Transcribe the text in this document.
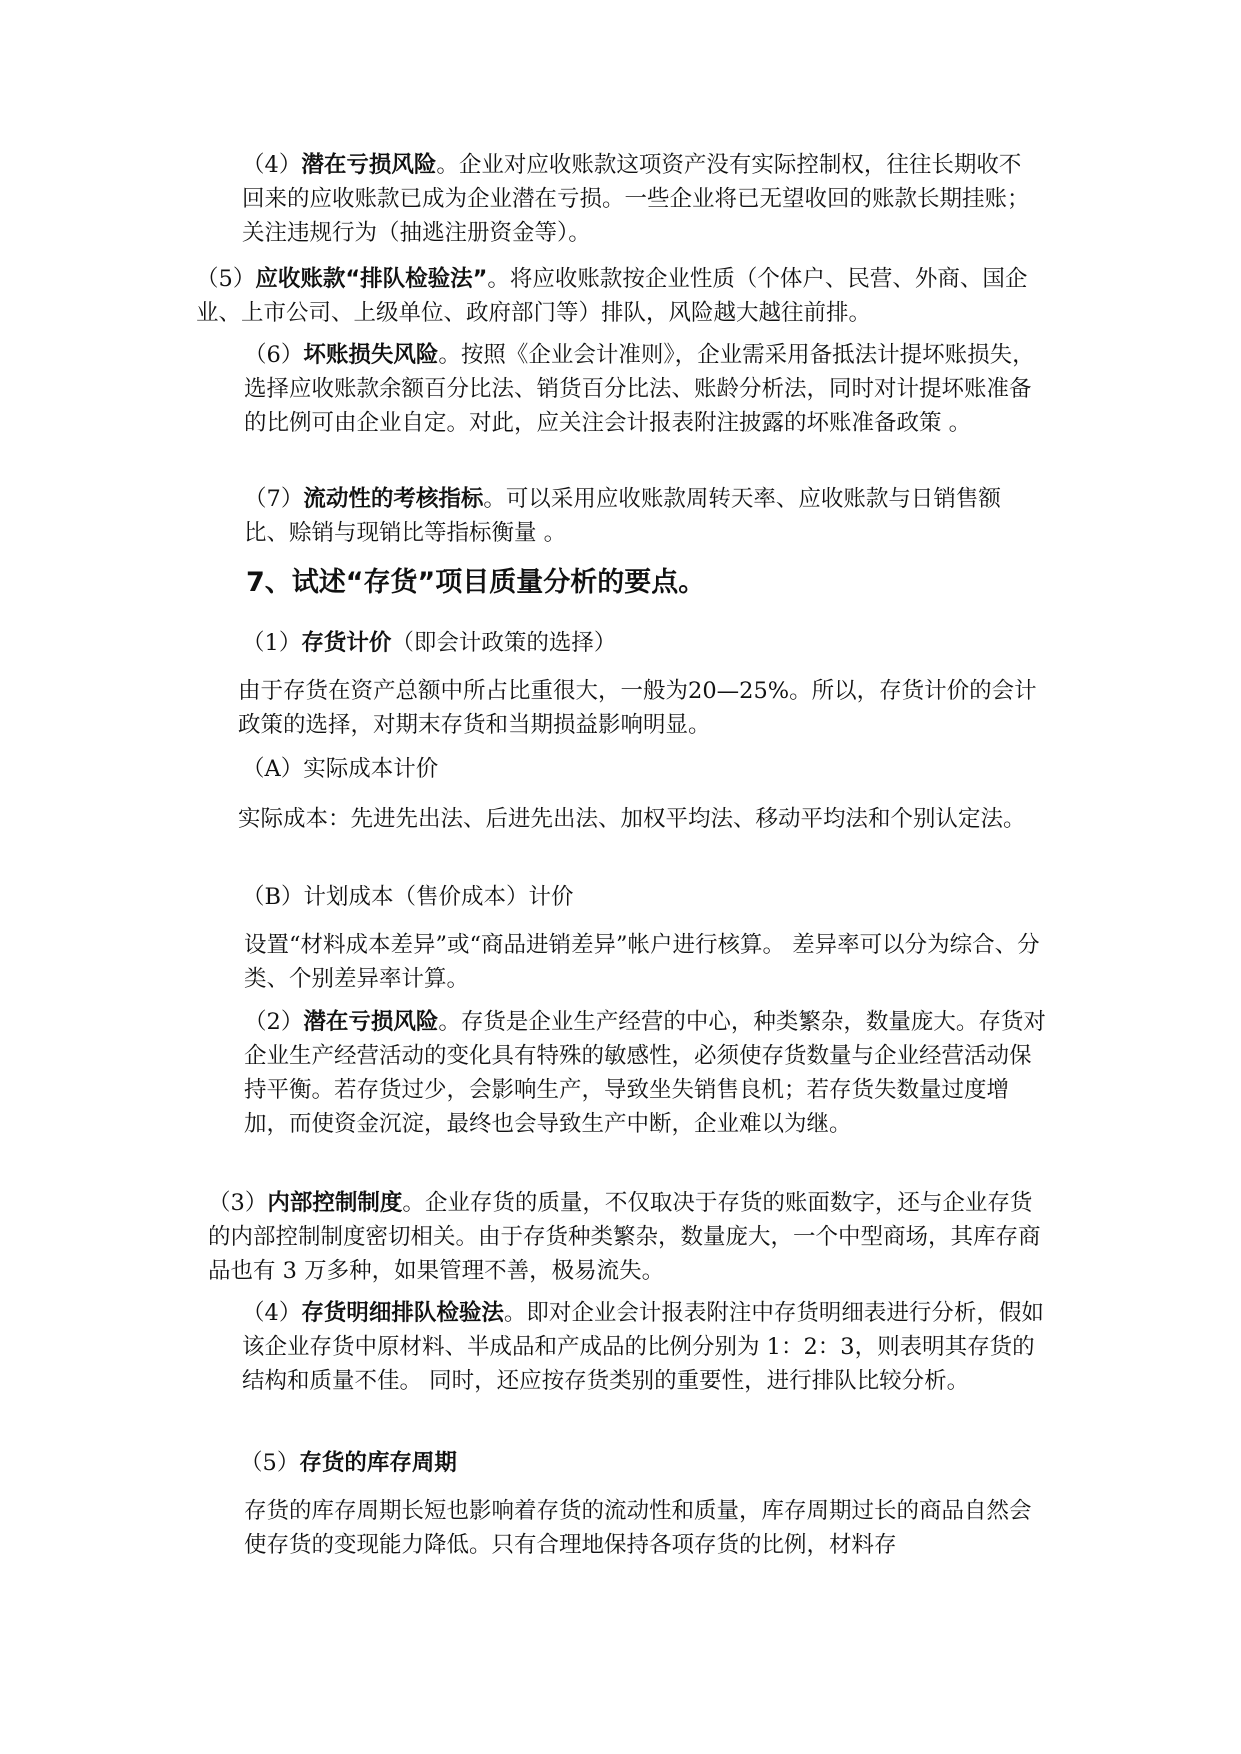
（4）潜在亏损风险。企业对应收账款这项资产没有实际控制权，往往长期收不回来的应收账款已成为企业潜在亏损。一些企业将已无望收回的账款长期挂账；关注违规行为（抽逃注册资金等）。

（5）应收账款“排队检验法”。将应收账款按企业性质（个体户、民营、外商、国企业、上市公司、上级单位、政府部门等）排队，风险越大越往前排。

（6）坏账损失风险。按照《企业会计准则》，企业需采用备抵法计提坏账损失，选择应收账款余额百分比法、销货百分比法、账龄分析法，同时对计提坏账准备的比例可由企业自定。对此，应关注会计报表附注披露的坏账准备政策 。

（7）流动性的考核指标。可以采用应收账款周转天率、应收账款与日销售额比、赊销与现销比等指标衡量 。

7、试述“存货”项目质量分析的要点。

（1）存货计价（即会计政策的选择）

由于存货在资产总额中所占比重很大，一般为20—25%。所以，存货计价的会计政策的选择，对期末存货和当期损益影响明显。

（A）实际成本计价

实际成本：先进先出法、后进先出法、加权平均法、移动平均法和个别认定法。

（B）计划成本（售价成本）计价

设置“材料成本差异”或“商品进销差异”帐户进行核算。 差异率可以分为综合、分类、个别差异率计算。

（2）潜在亏损风险。存货是企业生产经营的中心，种类繁杂，数量庞大。存货对企业生产经营活动的变化具有特殊的敏感性，必须使存货数量与企业经营活动保持平衡。若存货过少，会影响生产，导致坐失销售良机；若存货失数量过度增加，而使资金沉淀，最终也会导致生产中断，企业难以为继。

（3）内部控制制度。企业存货的质量，不仅取决于存货的账面数字，还与企业存货的内部控制制度密切相关。由于存货种类繁杂，数量庞大，一个中型商场，其库存商品也有 3 万多种，如果管理不善，极易流失。

（4）存货明细排队检验法。即对企业会计报表附注中存货明细表进行分析，假如该企业存货中原材料、半成品和产成品的比例分别为 1：2：3，则表明其存货的结构和质量不佳。 同时，还应按存货类别的重要性，进行排队比较分析。

（5）存货的库存周期

存货的库存周期长短也影响着存货的流动性和质量，库存周期过长的商品自然会使存货的变现能力降低。只有合理地保持各项存货的比例，材料存
